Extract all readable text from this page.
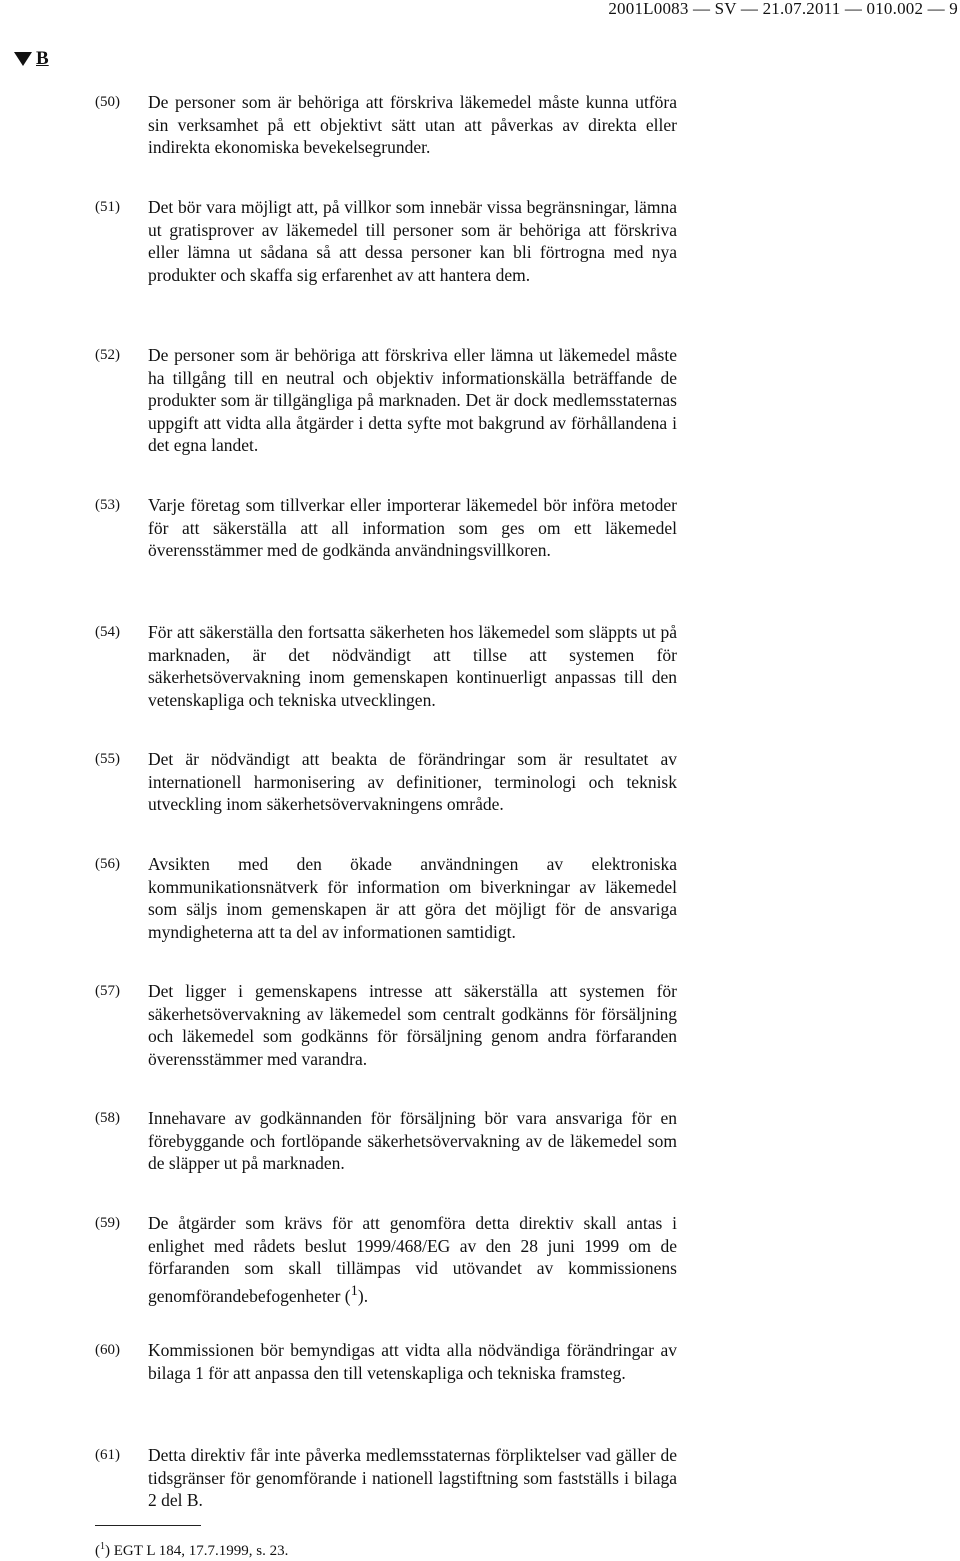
2001L0083 — SV — 21.07.2011 — 010.002 — 9
B
(50) De personer som är behöriga att förskriva läkemedel måste kunna utföra sin verksamhet på ett objektivt sätt utan att påverkas av direkta eller indirekta ekonomiska bevekelsegrunder.
(51) Det bör vara möjligt att, på villkor som innebär vissa begränsningar, lämna ut gratisprover av läkemedel till personer som är behöriga att förskriva eller lämna ut sådana så att dessa personer kan bli förtrogna med nya produkter och skaffa sig erfarenhet av att hantera dem.
(52) De personer som är behöriga att förskriva eller lämna ut läkemedel måste ha tillgång till en neutral och objektiv informationskälla beträffande de produkter som är tillgängliga på marknaden. Det är dock medlemsstaternas uppgift att vidta alla åtgärder i detta syfte mot bakgrund av förhållandena i det egna landet.
(53) Varje företag som tillverkar eller importerar läkemedel bör införa metoder för att säkerställa att all information som ges om ett läkemedel överensstämmer med de godkända användningsvillkoren.
(54) För att säkerställa den fortsatta säkerheten hos läkemedel som släppts ut på marknaden, är det nödvändigt att tillse att systemen för säkerhetsövervakning inom gemenskapen kontinuerligt anpassas till den vetenskapliga och tekniska utvecklingen.
(55) Det är nödvändigt att beakta de förändringar som är resultatet av internationell harmonisering av definitioner, terminologi och teknisk utveckling inom säkerhetsövervakningens område.
(56) Avsikten med den ökade användningen av elektroniska kommunikationsnätverk för information om biverkningar av läkemedel som säljs inom gemenskapen är att göra det möjligt för de ansvariga myndigheterna att ta del av informationen samtidigt.
(57) Det ligger i gemenskapens intresse att säkerställa att systemen för säkerhetsövervakning av läkemedel som centralt godkänns för försäljning och läkemedel som godkänns för försäljning genom andra förfaranden överensstämmer med varandra.
(58) Innehavare av godkännanden för försäljning bör vara ansvariga för en förebyggande och fortlöpande säkerhetsövervakning av de läkemedel som de släpper ut på marknaden.
(59) De åtgärder som krävs för att genomföra detta direktiv skall antas i enlighet med rådets beslut 1999/468/EG av den 28 juni 1999 om de förfaranden som skall tillämpas vid utövandet av kommissionens genomförandebefogenheter ($^1$).
(60) Kommissionen bör bemyndigas att vidta alla nödvändiga förändringar av bilaga 1 för att anpassa den till vetenskapliga och tekniska framsteg.
(61) Detta direktiv får inte påverka medlemsstaternas förpliktelser vad gäller de tidsgränser för genomförande i nationell lagstiftning som fastställs i bilaga 2 del B.
($^1$) EGT L 184, 17.7.1999, s. 23.
